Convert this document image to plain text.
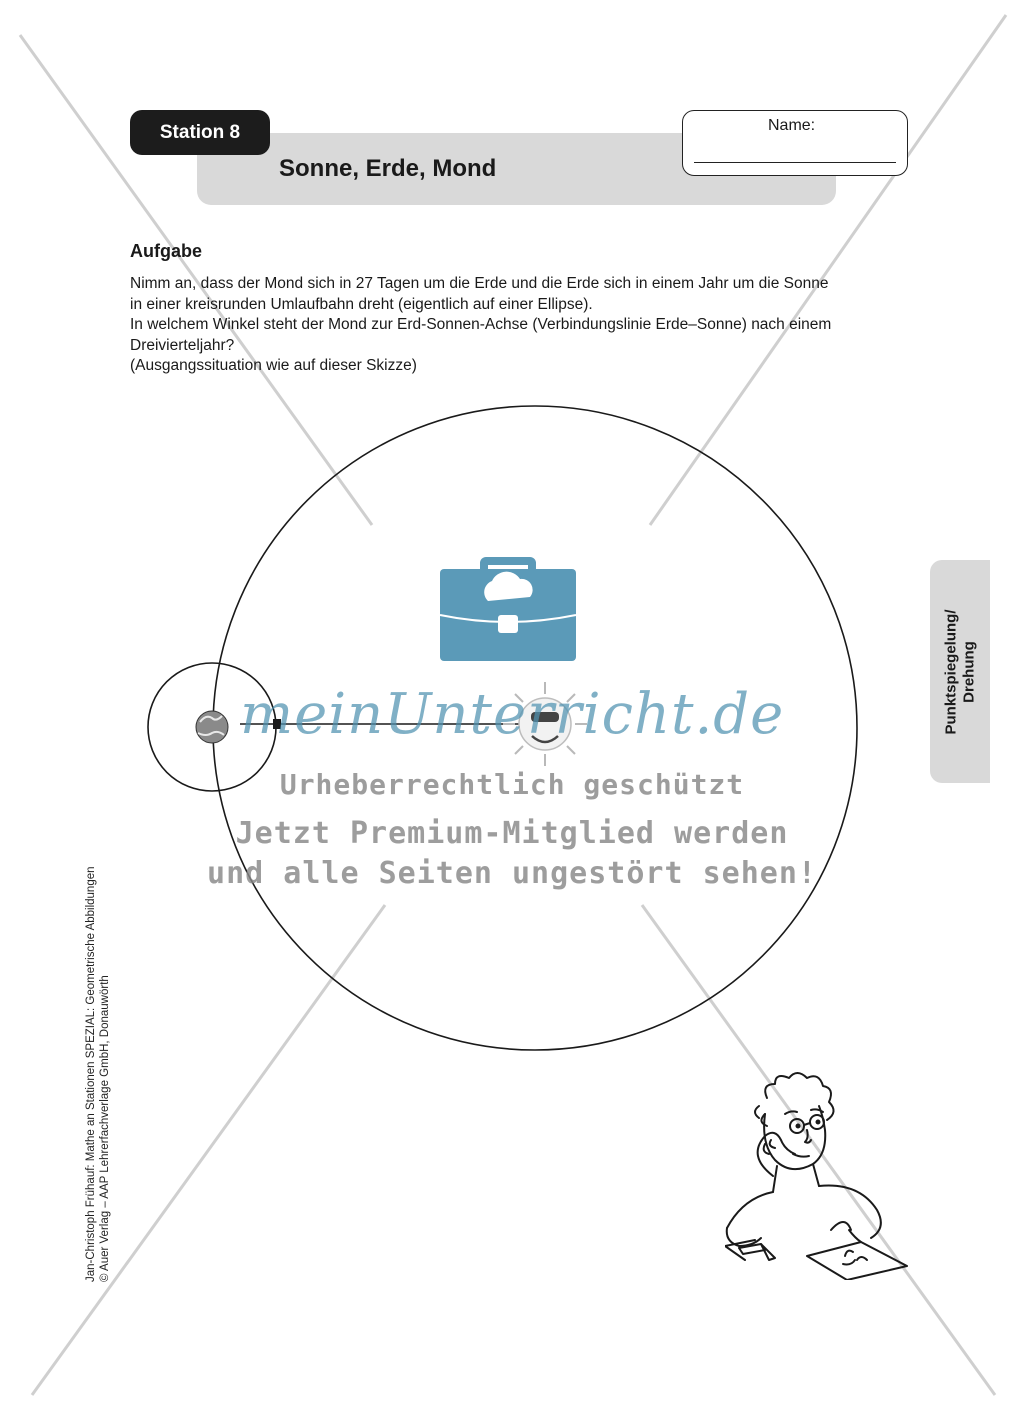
Station 8
Sonne, Erde, Mond
Name:
Aufgabe
Nimm an, dass der Mond sich in 27 Tagen um die Erde und die Erde sich in einem Jahr um die Sonne
in einer kreisrunden Umlaufbahn dreht (eigentlich auf einer Ellipse).
In welchem Winkel steht der Mond zur Erd-Sonnen-Achse (Verbindungslinie Erde–Sonne) nach einem
Dreivierteljahr?
(Ausgangssituation wie auf dieser Skizze)
Punktspiegelung/ Drehung
meinUnterricht.de
Urheberrechtlich geschützt
Jetzt Premium-Mitglied werden
und alle Seiten ungestört sehen!
Jan-Christoph Frühauf: Mathe an Stationen SPEZIAL: Geometrische Abbildungen © Auer Verlag – AAP Lehrerfachverlage GmbH, Donauwörth
